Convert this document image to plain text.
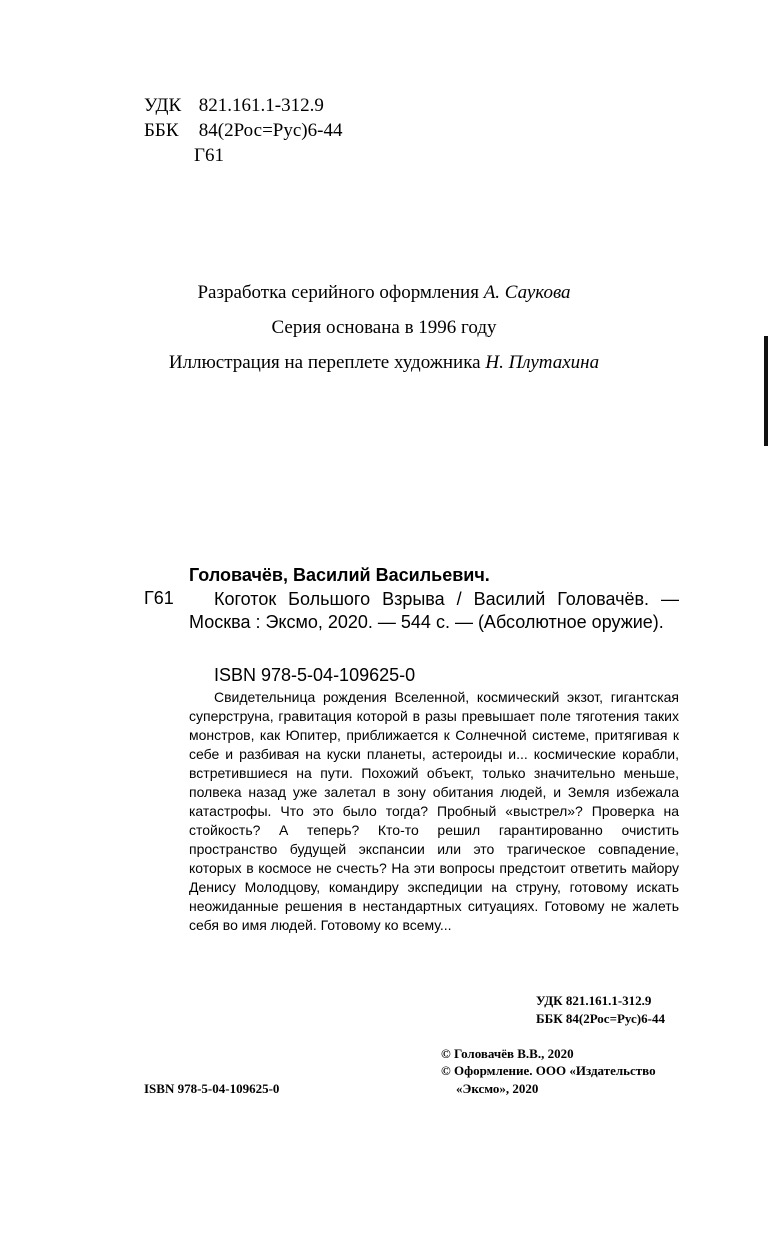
УДК 821.161.1-312.9
ББК 84(2Рос=Рус)6-44
Г61
Разработка серийного оформления А. Саукова
Серия основана в 1996 году
Иллюстрация на переплете художника Н. Плутахина
Головачёв, Василий Васильевич.
Г61	Коготок Большого Взрыва / Василий Головачёв. — Москва : Эксмо, 2020. — 544 с. — (Абсолютное оружие).
ISBN 978-5-04-109625-0
Свидетельница рождения Вселенной, космический экзот, гигантская суперструна, гравитация которой в разы превышает поле тяготения таких монстров, как Юпитер, приближается к Солнечной системе, притягивая к себе и разбивая на куски планеты, астероиды и... космические корабли, встретившиеся на пути. Похожий объект, только значительно меньше, полвека назад уже залетал в зону обитания людей, и Земля избежала катастрофы. Что это было тогда? Пробный «выстрел»? Проверка на стойкость? А теперь? Кто-то решил гарантированно очистить пространство будущей экспансии или это трагическое совпадение, которых в космосе не счесть? На эти вопросы предстоит ответить майору Денису Молодцову, командиру экспедиции на струну, готовому искать неожиданные решения в нестандартных ситуациях. Готовому не жалеть себя во имя людей. Готовому ко всему...
УДК 821.161.1-312.9
ББК 84(2Рос=Рус)6-44
© Головачёв В.В., 2020
© Оформление. ООО «Издательство
ISBN 978-5-04-109625-0	«Эксмо», 2020
